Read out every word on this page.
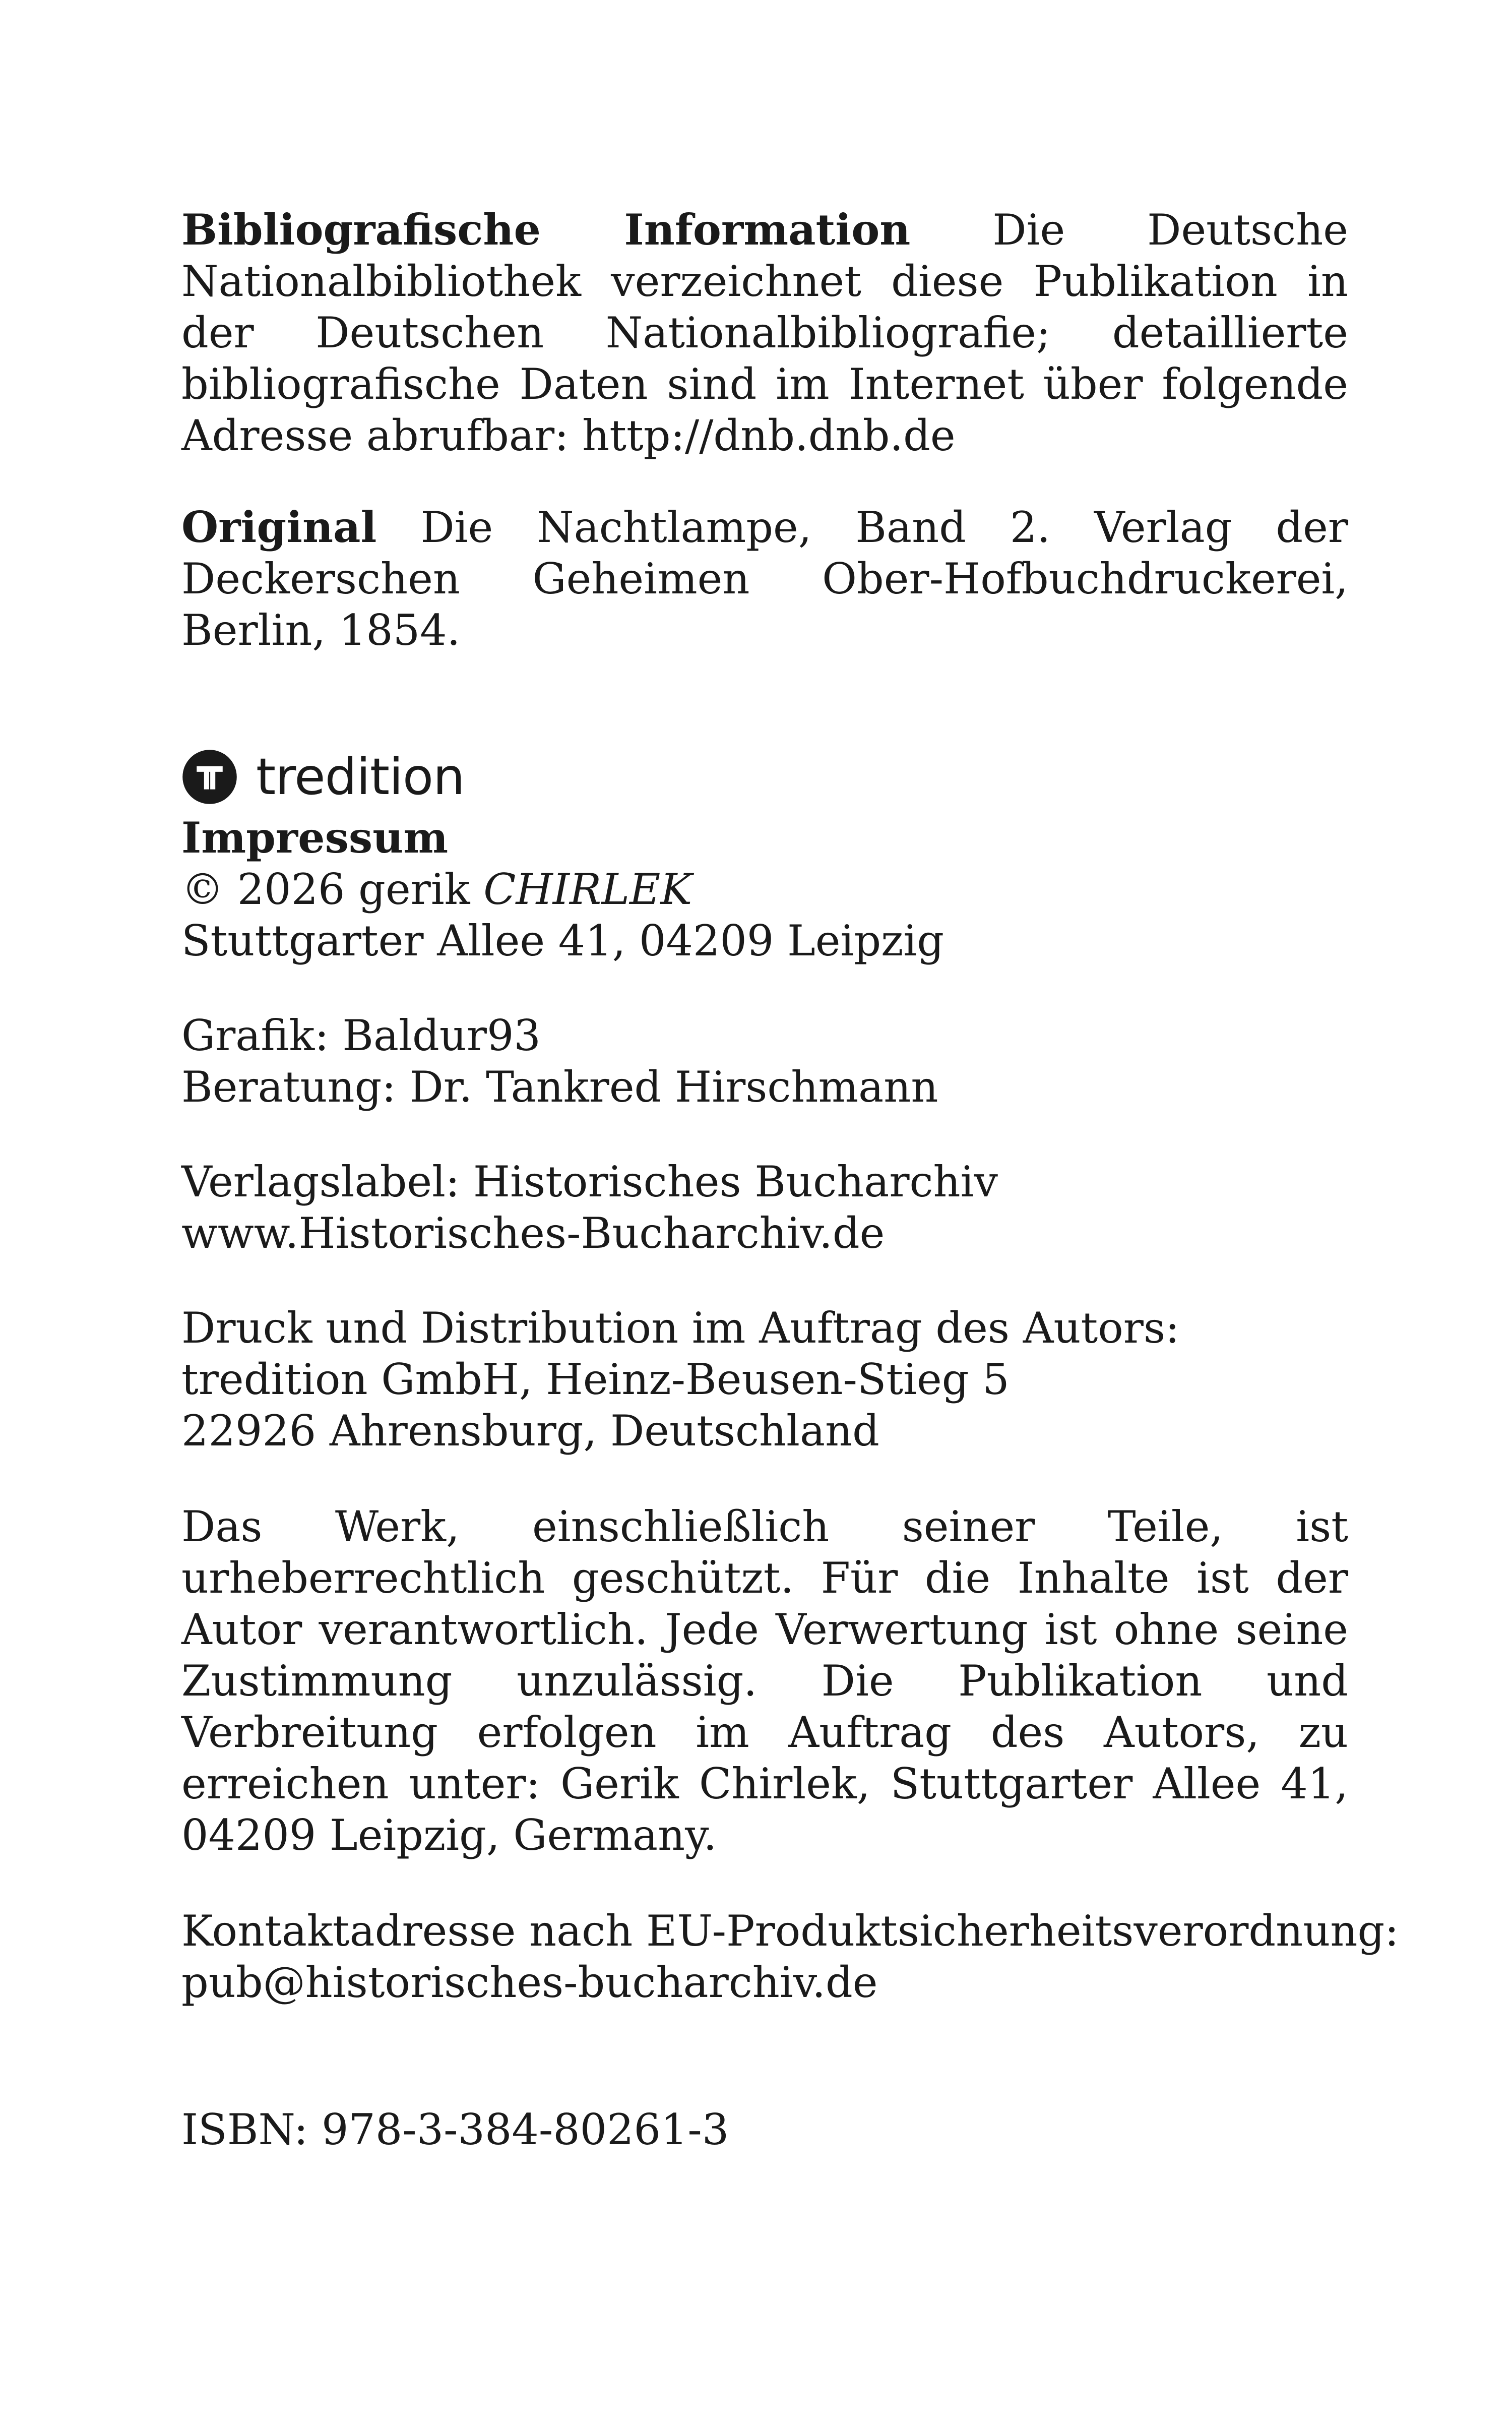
Bibliografische Information Die Deutsche Nationalbibliothek verzeichnet diese Publikation in der Deutschen Nationalbibliografie; detaillierte bibliografische Daten sind im Internet über folgende Adresse abrufbar: http://dnb.dnb.de

Original Die Nachtlampe, Band 2. Verlag der Deckerschen Geheimen Ober-Hofbuchdruckerei, Berlin, 1854.

tredition
Impressum
© 2026 gerik CHIRLEK
Stuttgarter Allee 41, 04209 Leipzig
Grafik: Baldur93
Beratung: Dr. Tankred Hirschmann
Verlagslabel: Historisches Bucharchiv
www.Historisches-Bucharchiv.de
Druck und Distribution im Auftrag des Autors:
tredition GmbH, Heinz-Beusen-Stieg 5
22926 Ahrensburg, Deutschland

Das Werk, einschließlich seiner Teile, ist urheberrechtlich geschützt. Für die Inhalte ist der Autor verantwortlich. Jede Verwertung ist ohne seine Zustimmung unzulässig. Die Publikation und Verbreitung erfolgen im Auftrag des Autors, zu erreichen unter: Gerik Chirlek, Stuttgarter Allee 41, 04209 Leipzig, Germany.

Kontaktadresse nach EU-Produktsicherheitsverordnung:
pub@historisches-bucharchiv.de
ISBN: 978-3-384-80261-3
